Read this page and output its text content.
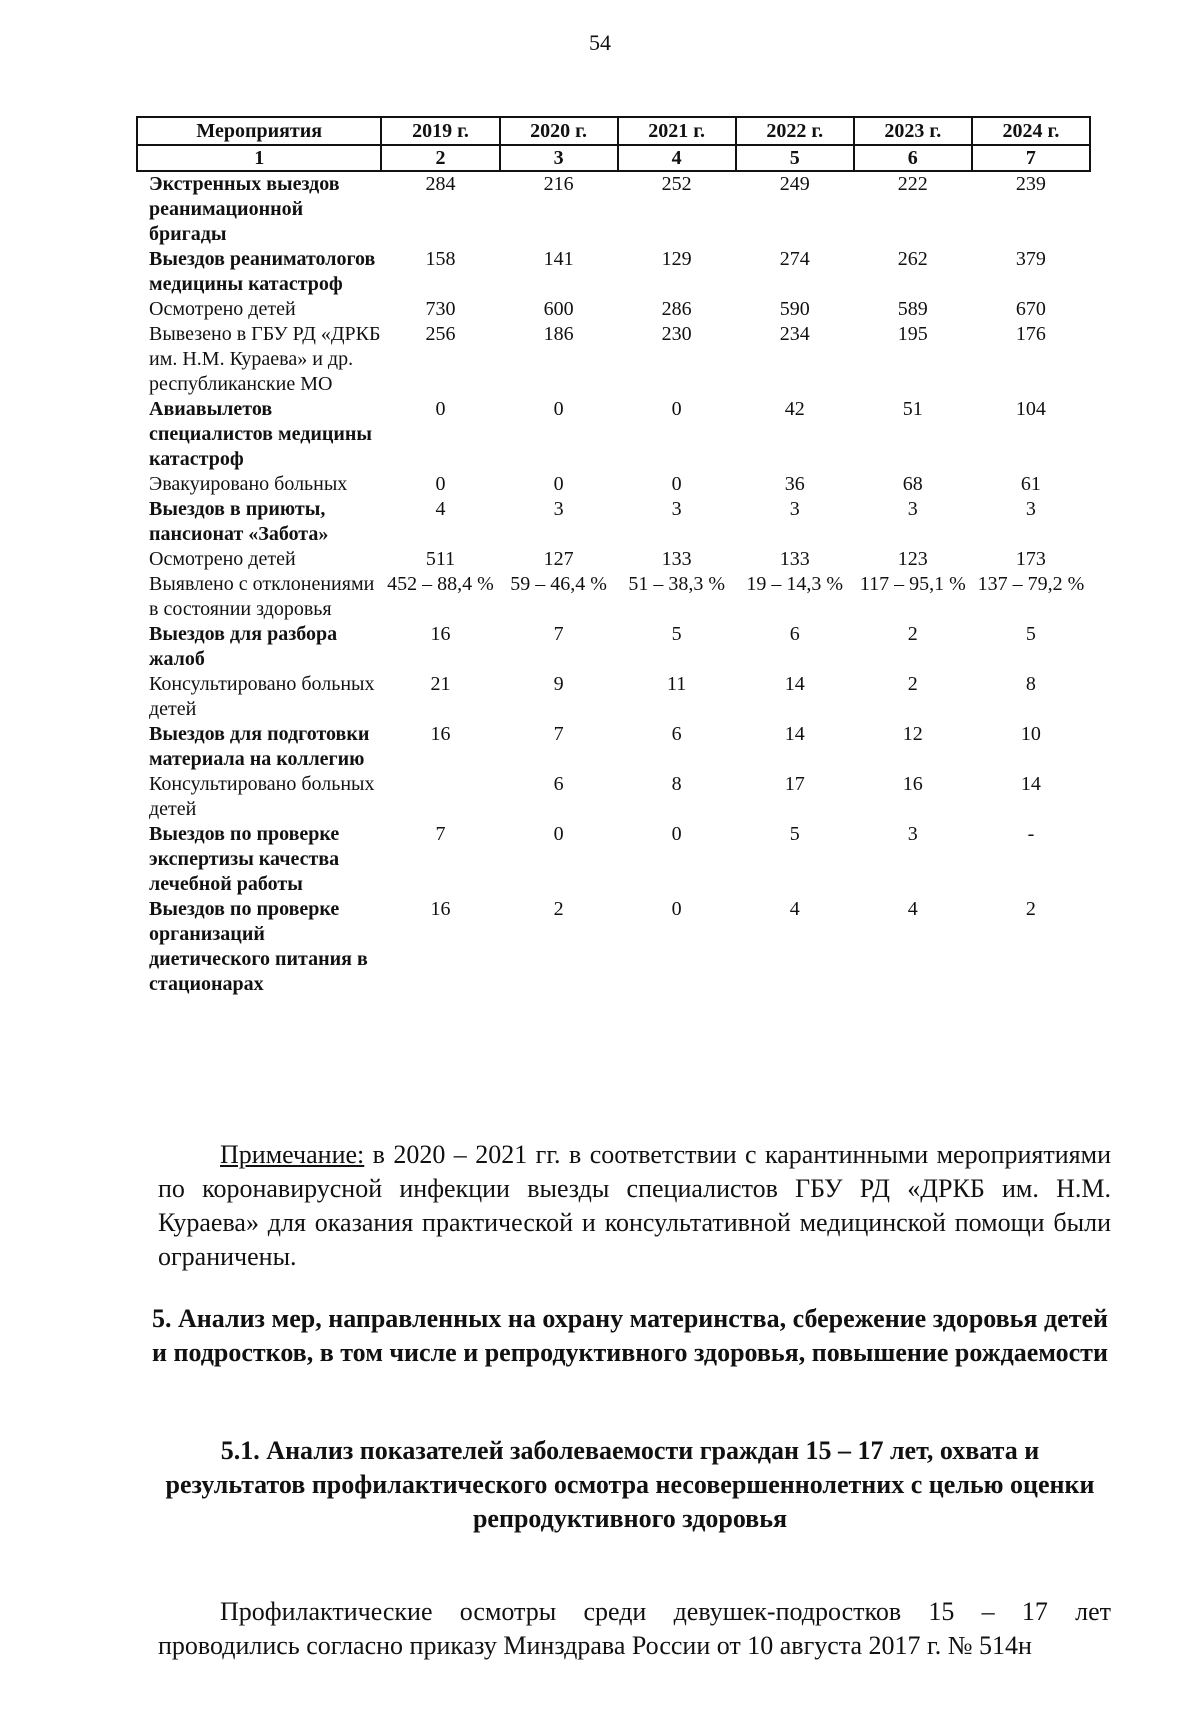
54
Мероприятия	2019 г.	2020 г.	2021 г.	2022 г.	2023 г.	2024 г.
1	2	3	4	5	6	7
Экстренных выездов реанимационной бригады	284	216	252	249	222	239
Выездов реаниматологов медицины катастроф	158	141	129	274	262	379
Осмотрено детей	730	600	286	590	589	670
Вывезено в ГБУ РД «ДРКБ им. Н.М. Кураева» и др. республиканские МО	256	186	230	234	195	176
Авиавылетов специалистов медицины катастроф	0	0	0	42	51	104
Эвакуировано больных	0	0	0	36	68	61
Выездов в приюты, пансионат «Забота»	4	3	3	3	3	3
Осмотрено детей	511	127	133	133	123	173
Выявлено с отклонениями в состоянии здоровья	452 – 88,4 %	59 – 46,4 %	51 – 38,3 %	19 – 14,3 %	117 – 95,1 %	137 – 79,2 %
Выездов для разбора жалоб	16	7	5	6	2	5
Консультировано больных детей	21	9	11	14	2	8
Выездов для подготовки материала на коллегию	16	7	6	14	12	10
Консультировано больных детей		6	8	17	16	14
Выездов по проверке экспертизы качества лечебной работы	7	0	0	5	3	-
Выездов по проверке организаций диетического питания в стационарах	16	2	0	4	4	2
Примечание: в 2020 – 2021 гг. в соответствии с карантинными мероприятиями по коронавирусной инфекции выезды специалистов ГБУ РД «ДРКБ им. Н.М. Кураева» для оказания практической и консультативной медицинской помощи были ограничены.
5. Анализ мер, направленных на охрану материнства, сбережение здоровья детей и подростков, в том числе и репродуктивного здоровья, повышение рождаемости
5.1. Анализ показателей заболеваемости граждан 15 – 17 лет, охвата и результатов профилактического осмотра несовершеннолетних с целью оценки репродуктивного здоровья
Профилактические осмотры среди девушек-подростков 15 – 17 лет проводились согласно приказу Минздрава России от 10 августа 2017 г. № 514н
